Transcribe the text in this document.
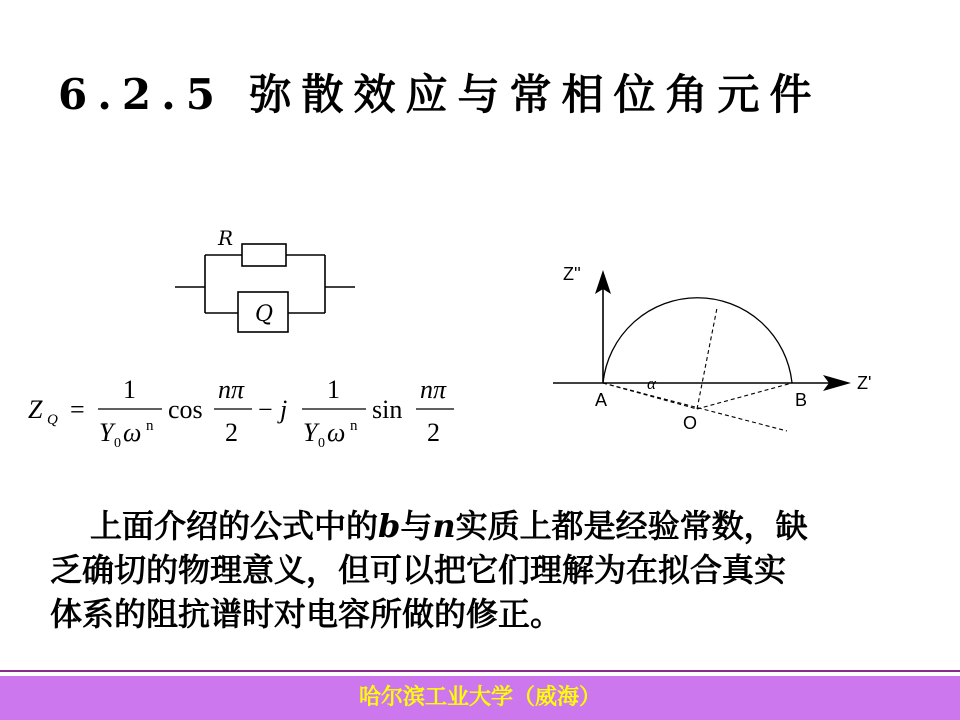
6.2.5 弥散效应与常相位角元件
R
Q
Z Q =
1
Y 0 ω n
cos
nπ
2
− j
1
Y 0 ω n
sin
nπ
2
Z''
Z'
A	B
O
α

上面介绍的公式中的b与n实质上都是经验常数，缺

乏确切的物理意义，但可以把它们理解为在拟合真实

体系的阻抗谱时对电容所做的修正。

哈尔滨工业大学（威海）
